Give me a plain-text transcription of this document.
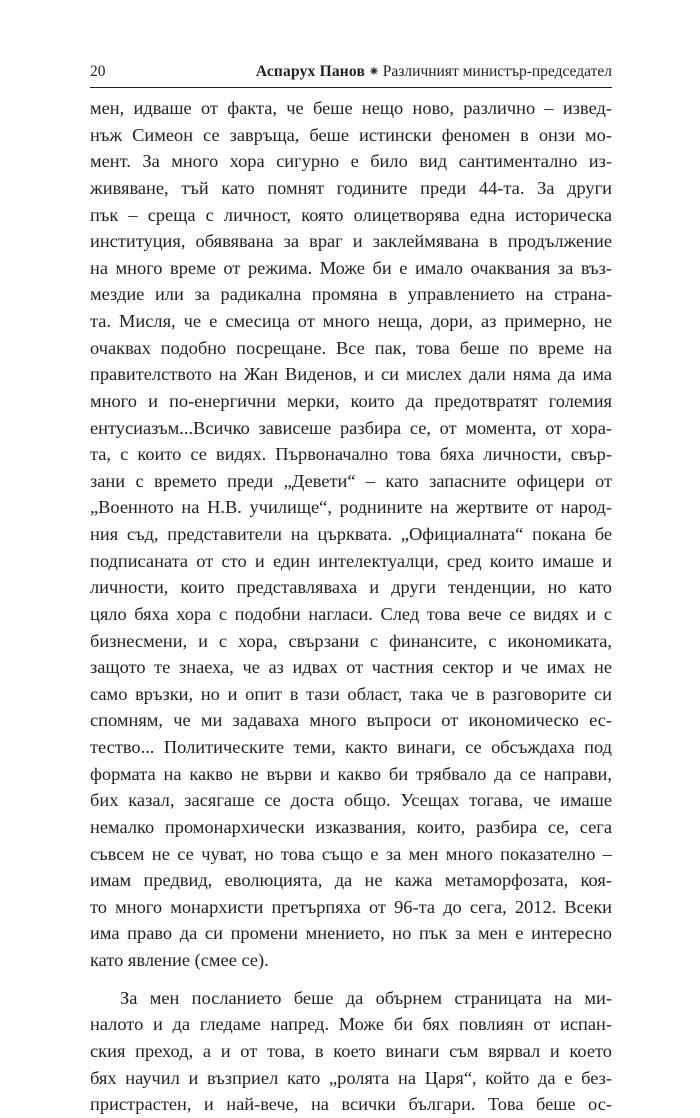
20	Аспарух Панов ⁕ Различният министър-председател
мен, идваше от факта, че беше нещо ново, различно – извед-
нъж Симеон се завръща, беше истински феномен в онзи мо-
мент. За много хора сигурно е било вид сантиментално из-
живяване, тъй като помнят годините преди 44-та. За други
пък – среща с личност, която олицетворява една историческа
институция, обявявана за враг и заклеймявана в продължение
на много време от режима. Може би е имало очаквания за въз-
мездие или за радикална промяна в управлението на страна-
та. Мисля, че е смесица от много неща, дори, аз примерно, не
очаквах подобно посрещане. Все пак, това беше по време на
правителството на Жан Виденов, и си мислех дали няма да има
много и по-енергични мерки, които да предотвратят големия
ентусиазъм...Всичко зависеше разбира се, от момента, от хора-
та, с които се видях. Първоначално това бяха личности, свър-
зани с времето преди „Девети“ – като запасните офицери от
„Военното на Н.В. училище“, роднините на жертвите от народ-
ния съд, представители на църквата. „Официалната“ покана бе
подписаната от сто и един интелектуалци, сред които имаше и
личности, които представляваха и други тенденции, но като
цяло бяха хора с подобни нагласи. След това вече се видях и с
бизнесмени, и с хора, свързани с финансите, с икономиката,
защото те знаеха, че аз идвах от частния сектор и че имах не
само връзки, но и опит в тази област, така че в разговорите си
спомням, че ми задаваха много въпроси от икономическо ес-
тество... Политическите теми, както винаги, се обсъждаха под
формата на какво не върви и какво би трябвало да се направи,
бих казал, засягаше се доста общо. Усещах тогава, че имаше
немалко промонархически изказвания, които, разбира се, сега
съвсем не се чуват, но това също е за мен много показателно –
имам предвид, еволюцията, да не кажа метаморфозата, коя-
то много монархисти претърпяха от 96-та до сега, 2012. Всеки
има право да си промени мнението, но пък за мен е интересно
като явление (смее се).
За мен посланието беше да обърнем страницата на ми-
налото и да гледаме напред. Може би бях повлиян от испан-
ския преход, а и от това, в което винаги съм вярвал и което
бях научил и възприел като „ролята на Царя“, който да е без-
пристрастен, и най-вече, на всички българи. Това беше ос-
